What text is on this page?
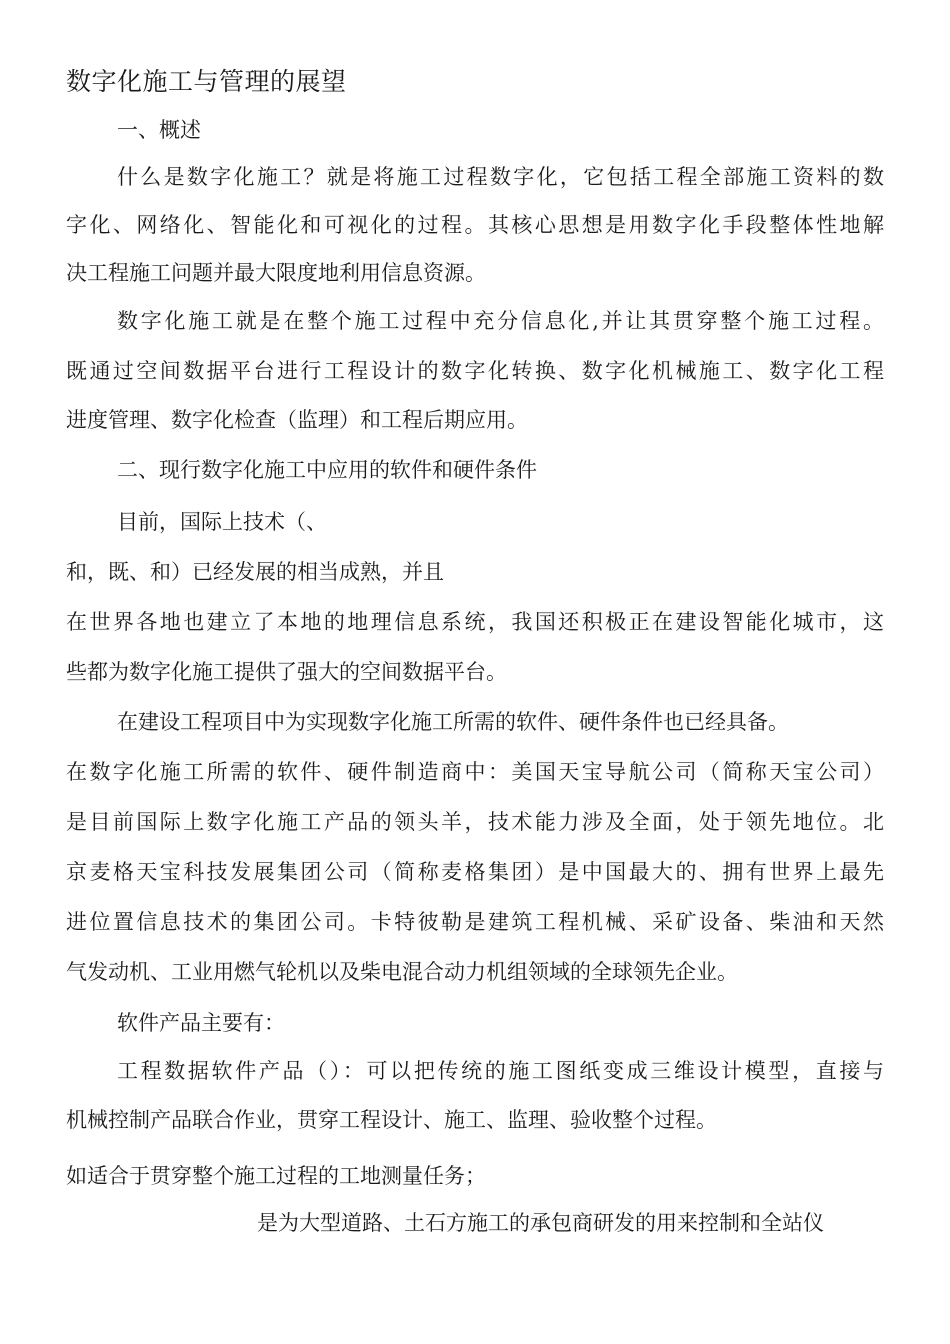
数字化施工与管理的展望
一、概述
什么是数字化施工？就是将施工过程数字化，它包括工程全部施工资料的数
字化、网络化、智能化和可视化的过程。其核心思想是用数字化手段整体性地解
决工程施工问题并最大限度地利用信息资源。
数字化施工就是在整个施工过程中充分信息化,并让其贯穿整个施工过程。
既通过空间数据平台进行工程设计的数字化转换、数字化机械施工、数字化工程
进度管理、数字化检查（监理）和工程后期应用。
二、现行数字化施工中应用的软件和硬件条件
目前，国际上技术（、
和，既、和）已经发展的相当成熟，并且
在世界各地也建立了本地的地理信息系统，我国还积极正在建设智能化城市，这
些都为数字化施工提供了强大的空间数据平台。
在建设工程项目中为实现数字化施工所需的软件、硬件条件也已经具备。
在数字化施工所需的软件、硬件制造商中：美国天宝导航公司（简称天宝公司）
是目前国际上数字化施工产品的领头羊，技术能力涉及全面，处于领先地位。北
京麦格天宝科技发展集团公司（简称麦格集团）是中国最大的、拥有世界上最先
进位置信息技术的集团公司。卡特彼勒是建筑工程机械、采矿设备、柴油和天然
气发动机、工业用燃气轮机以及柴电混合动力机组领域的全球领先企业。
软件产品主要有：
工程数据软件产品（）：可以把传统的施工图纸变成三维设计模型，直接与
机械控制产品联合作业，贯穿工程设计、施工、监理、验收整个过程。
如适合于贯穿整个施工过程的工地测量任务；
是为大型道路、土石方施工的承包商研发的用来控制和全站仪
